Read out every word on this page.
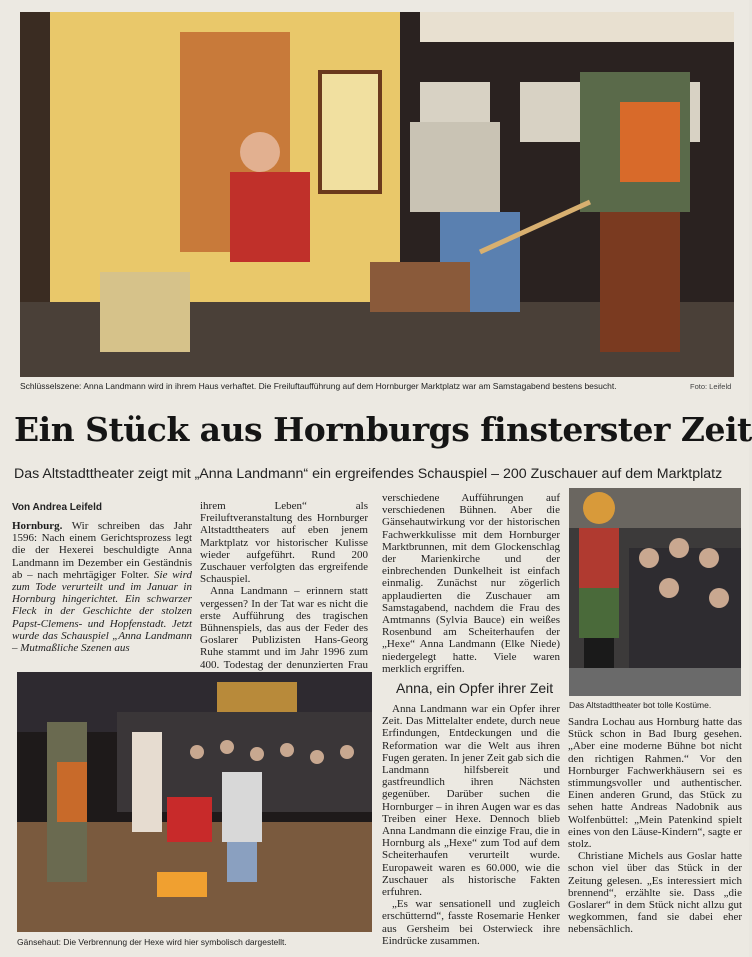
Schlüsselszene: Anna Landmann wird in ihrem Haus verhaftet. Die Freiluftaufführung auf dem Hornburger Marktplatz war am Samstagabend bestens besucht.	Foto: Leifeld
Ein Stück aus Hornburgs finsterster Zeit
Das Altstadttheater zeigt mit „Anna Landmann“ ein ergreifendes Schauspiel – 200 Zuschauer auf dem Marktplatz
Von Andrea Leifeld

Hornburg. Wir schreiben das Jahr 1596: Nach einem Gerichtsprozess legt die der Hexerei beschuldigte Anna Landmann im Dezember ein Geständnis ab – nach mehrtägiger Folter. Sie wird zum Tode verurteilt und im Januar in Hornburg hingerichtet. Ein schwarzer Fleck in der Geschichte der stolzen Papst-Clemens- und Hopfenstadt. Jetzt wurde das Schauspiel „Anna Landmann – Mutmaßliche Szenen aus

ihrem Leben“ als Freiluftveranstaltung des Hornburger Altstadttheaters auf eben jenem Marktplatz vor historischer Kulisse wieder aufgeführt. Rund 200 Zuschauer verfolgten das ergreifende Schauspiel.

Anna Landmann – erinnern statt vergessen? In der Tat war es nicht die erste Aufführung des tragischen Bühnenspiels, das aus der Feder des Goslarer Publizisten Hans-Georg Ruhe stammt und im Jahr 1996 zum 400. Todestag der denunzierten Frau

verschiedene Aufführungen auf verschiedenen Bühnen. Aber die Gänsehautwirkung vor der historischen Fachwerkkulisse mit dem Hornburger Marktbrunnen, mit dem Glockenschlag der Marienkirche und der einbrechenden Dunkelheit ist einfach einmalig. Zunächst nur zögerlich applaudierten die Zuschauer am Samstagabend, nachdem die Frau des Amtmanns (Sylvia Bauce) ein weißes Rosenbund am Scheiterhaufen der „Hexe“ Anna Landmann (Elke Niede) niedergelegt hatte. Viele waren merklich ergriffen.

Das Altstadttheater bot tolle Kostüme.
Gänsehaut: Die Verbrennung der Hexe wird hier symbolisch dargestellt.
Anna, ein Opfer ihrer Zeit

Anna Landmann war ein Opfer ihrer Zeit. Das Mittelalter endete, durch neue Erfindungen, Entdeckungen und die Reformation war die Welt aus ihren Fugen geraten. In jener Zeit gab sich die Landmann hilfsbereit und gastfreundlich ihren Nächsten gegenüber. Darüber suchen die Hornburger – in ihren Augen war es das Treiben einer Hexe. Dennoch blieb Anna Landmann die einzige Frau, die in Hornburg als „Hexe“ zum Tod auf dem Scheiterhaufen verurteilt wurde. Europaweit waren es 60.000, wie die Zuschauer als historische Fakten erfuhren.

„Es war sensationell und zugleich erschütternd“, fasste Rosemarie Henker aus Gersheim bei Osterwieck ihre Eindrücke zusammen.

Sandra Lochau aus Hornburg hatte das Stück schon in Bad Iburg gesehen. „Aber eine moderne Bühne bot nicht den richtigen Rahmen.“ Vor den Hornburger Fachwerkhäusern sei es stimmungsvoller und authentischer. Einen anderen Grund, das Stück zu sehen hatte Andreas Nadobnik aus Wolfenbüttel: „Mein Patenkind spielt eines von den Läuse-Kindern“, sagte er stolz.

Christiane Michels aus Goslar hatte schon viel über das Stück in der Zeitung gelesen. „Es interessiert mich brennend“, erzählte sie. Dass „die Goslarer“ in dem Stück nicht allzu gut wegkommen, fand sie dabei eher nebensächlich.
